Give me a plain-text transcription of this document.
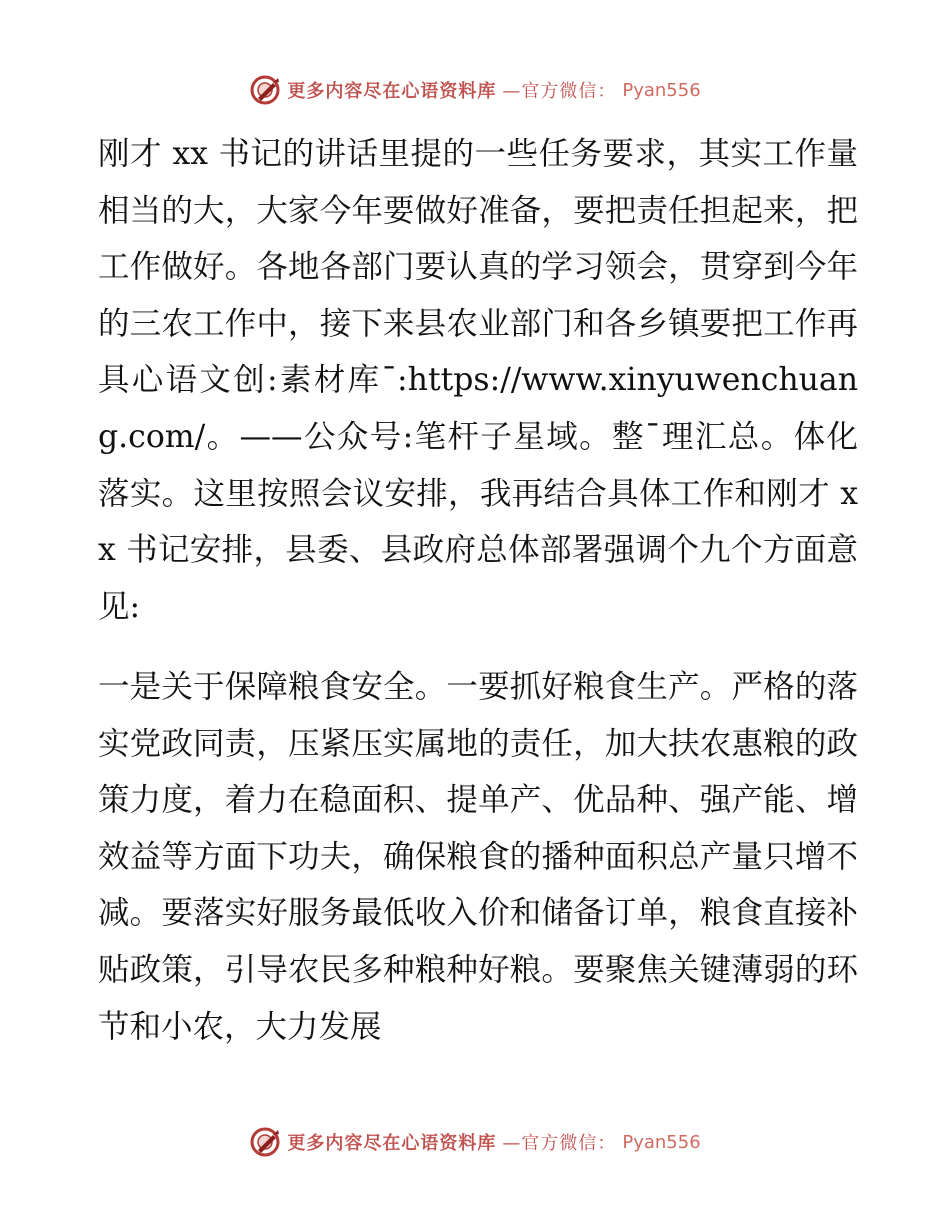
更多内容尽在心语资料库 —官方微信： Pyan556

刚才 xx 书记的讲话里提的一些任务要求，其实工作量相当的大，大家今年要做好准备，要把责任担起来，把工作做好。各地各部门要认真的学习领会，贯穿到今年的三农工作中，接下来县农业部门和各乡镇要把工作再具心语文创:素材库¯:https://www.xinyuwenchuang.com/。——公众号:笔杆子星域。整¯理汇总。体化落实。这里按照会议安排，我再结合具体工作和刚才 xx 书记安排，县委、县政府总体部署强调个九个方面意见:

一是关于保障粮食安全。一要抓好粮食生产。严格的落实党政同责，压紧压实属地的责任，加大扶农惠粮的政策力度，着力在稳面积、提单产、优品种、强产能、增效益等方面下功夫，确保粮食的播种面积总产量只增不减。要落实好服务最低收入价和储备订单，粮食直接补贴政策，引导农民多种粮种好粮。要聚焦关键薄弱的环节和小农，大力发展

更多内容尽在心语资料库 —官方微信： Pyan556
